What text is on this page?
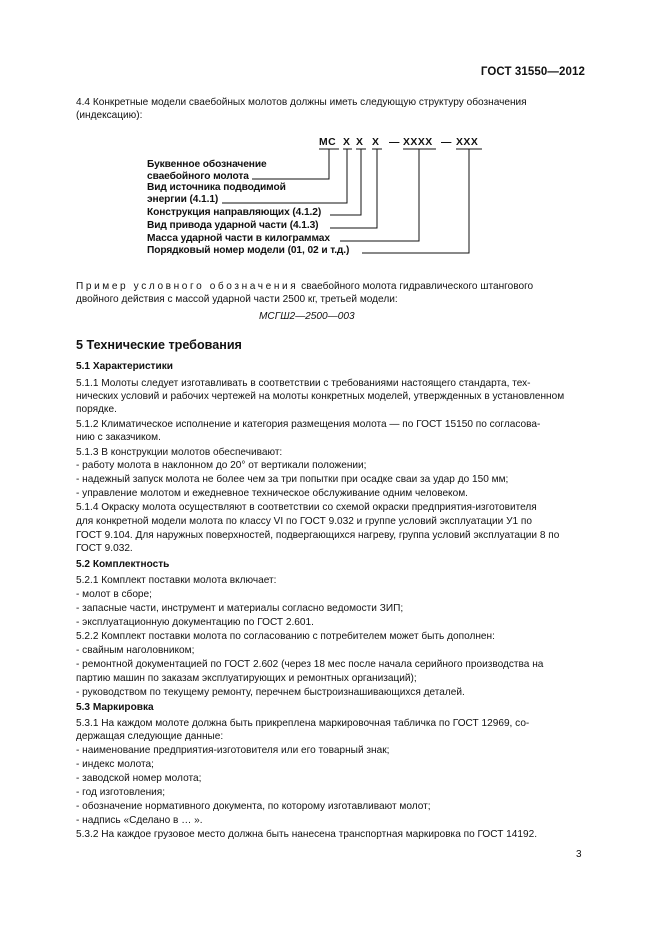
ГОСТ 31550—2012
4.4 Конкретные модели сваебойных молотов должны иметь следующую структуру обозначения
(индексацию):
МС Х Х Х — ХХХХ — ХХХ
Буквенное обозначение
сваебойного молота
Вид источника подводимой
энергии (4.1.1)
Конструкция направляющих (4.1.2)
Вид привода ударной части (4.1.3)
Масса ударной части в килограммах
Порядковый номер модели (01, 02 и т.д.)
Пример условного обозначения сваебойного молота гидравлического штангового
двойного действия с массой ударной части 2500 кг, третьей модели:
МСГШ2—2500—003
5 Технические требования
5.1 Характеристики
5.1.1 Молоты следует изготавливать в соответствии с требованиями настоящего стандарта, тех-
нических условий и рабочих чертежей на молоты конкретных моделей, утвержденных в установленном
порядке.
5.1.2 Климатическое исполнение и категория размещения молота — по ГОСТ 15150 по согласова-
нию с заказчиком.
5.1.3 В конструкции молотов обеспечивают:
- работу молота в наклонном до 20° от вертикали положении;
- надежный запуск молота не более чем за три попытки при осадке сваи за удар до 150 мм;
- управление молотом и ежедневное техническое обслуживание одним человеком.
5.1.4 Окраску молота осуществляют в соответствии со схемой окраски предприятия-изготовителя
для конкретной модели молота по классу VI по ГОСТ 9.032 и группе условий эксплуатации У1 по
ГОСТ 9.104. Для наружных поверхностей, подвергающихся нагреву, группа условий эксплуатации 8 по
ГОСТ 9.032.
5.2 Комплектность
5.2.1 Комплект поставки молота включает:
- молот в сборе;
- запасные части, инструмент и материалы согласно ведомости ЗИП;
- эксплуатационную документацию по ГОСТ 2.601.
5.2.2 Комплект поставки молота по согласованию с потребителем может быть дополнен:
- свайным наголовником;
- ремонтной документацией по ГОСТ 2.602 (через 18 мес после начала серийного производства на
партию машин по заказам эксплуатирующих и ремонтных организаций);
- руководством по текущему ремонту, перечнем быстроизнашивающихся деталей.
5.3 Маркировка
5.3.1 На каждом молоте должна быть прикреплена маркировочная табличка по ГОСТ 12969, со-
держащая следующие данные:
- наименование предприятия-изготовителя или его товарный знак;
- индекс молота;
- заводской номер молота;
- год изготовления;
- обозначение нормативного документа, по которому изготавливают молот;
- надпись «Сделано в … ».
5.3.2 На каждое грузовое место должна быть нанесена транспортная маркировка по ГОСТ 14192.
3
